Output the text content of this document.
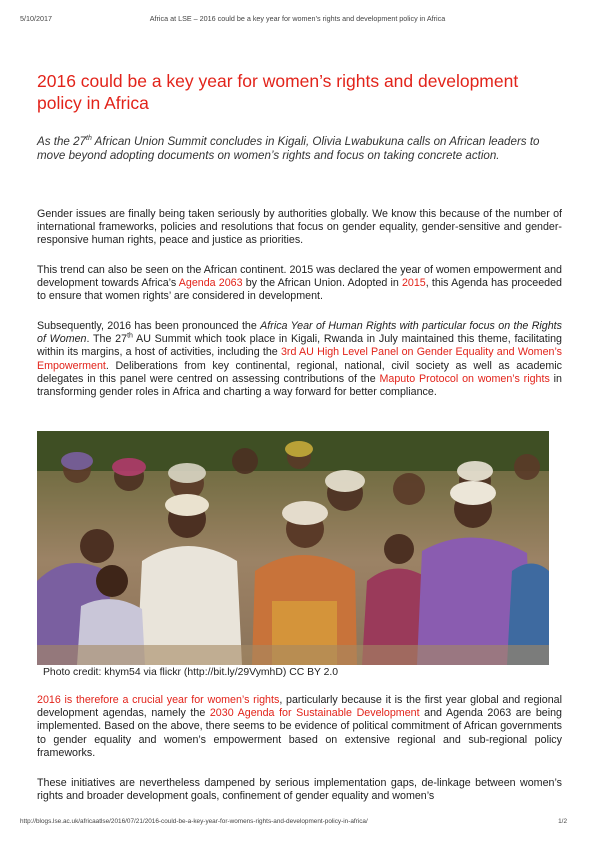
5/10/2017	Africa at LSE – 2016 could be a key year for women’s rights and development policy in Africa
2016 could be a key year for women’s rights and development policy in Africa

As the 27th African Union Summit concludes in Kigali, Olivia Lwabukuna calls on African leaders to move beyond adopting documents on women’s rights and focus on taking concrete action.

Gender issues are finally being taken seriously by authorities globally. We know this because of the number of international frameworks, policies and resolutions that focus on gender equality, gender-sensitive and gender-responsive human rights, peace and justice as priorities.

This trend can also be seen on the African continent. 2015 was declared the year of women empowerment and development towards Africa’s Agenda 2063 by the African Union. Adopted in 2015, this Agenda has proceeded to ensure that women rights’ are considered in development.

Subsequently, 2016 has been pronounced the Africa Year of Human Rights with particular focus on the Rights of Women. The 27th AU Summit which took place in Kigali, Rwanda in July maintained this theme, facilitating within its margins, a host of activities, including the 3rd AU High Level Panel on Gender Equality and Women’s Empowerment. Deliberations from key continental, regional, national, civil society as well as academic delegates in this panel were centred on assessing contributions of the Maputo Protocol on women’s rights in transforming gender roles in Africa and charting a way forward for better compliance.

Photo credit: khym54 via flickr (http://bit.ly/29VymhD) CC BY 2.0

2016 is therefore a crucial year for women’s rights, particularly because it is the first year global and regional development agendas, namely the 2030 Agenda for Sustainable Development and Agenda 2063 are being implemented. Based on the above, there seems to be evidence of political commitment of African governments to gender equality and women’s empowerment based on extensive regional and sub-regional policy frameworks.

These initiatives are nevertheless dampened by serious implementation gaps, de-linkage between women’s rights and broader development goals, confinement of gender equality and women’s

http://blogs.lse.ac.uk/africaatlse/2016/07/21/2016-could-be-a-key-year-for-womens-rights-and-development-policy-in-africa/	1/2
